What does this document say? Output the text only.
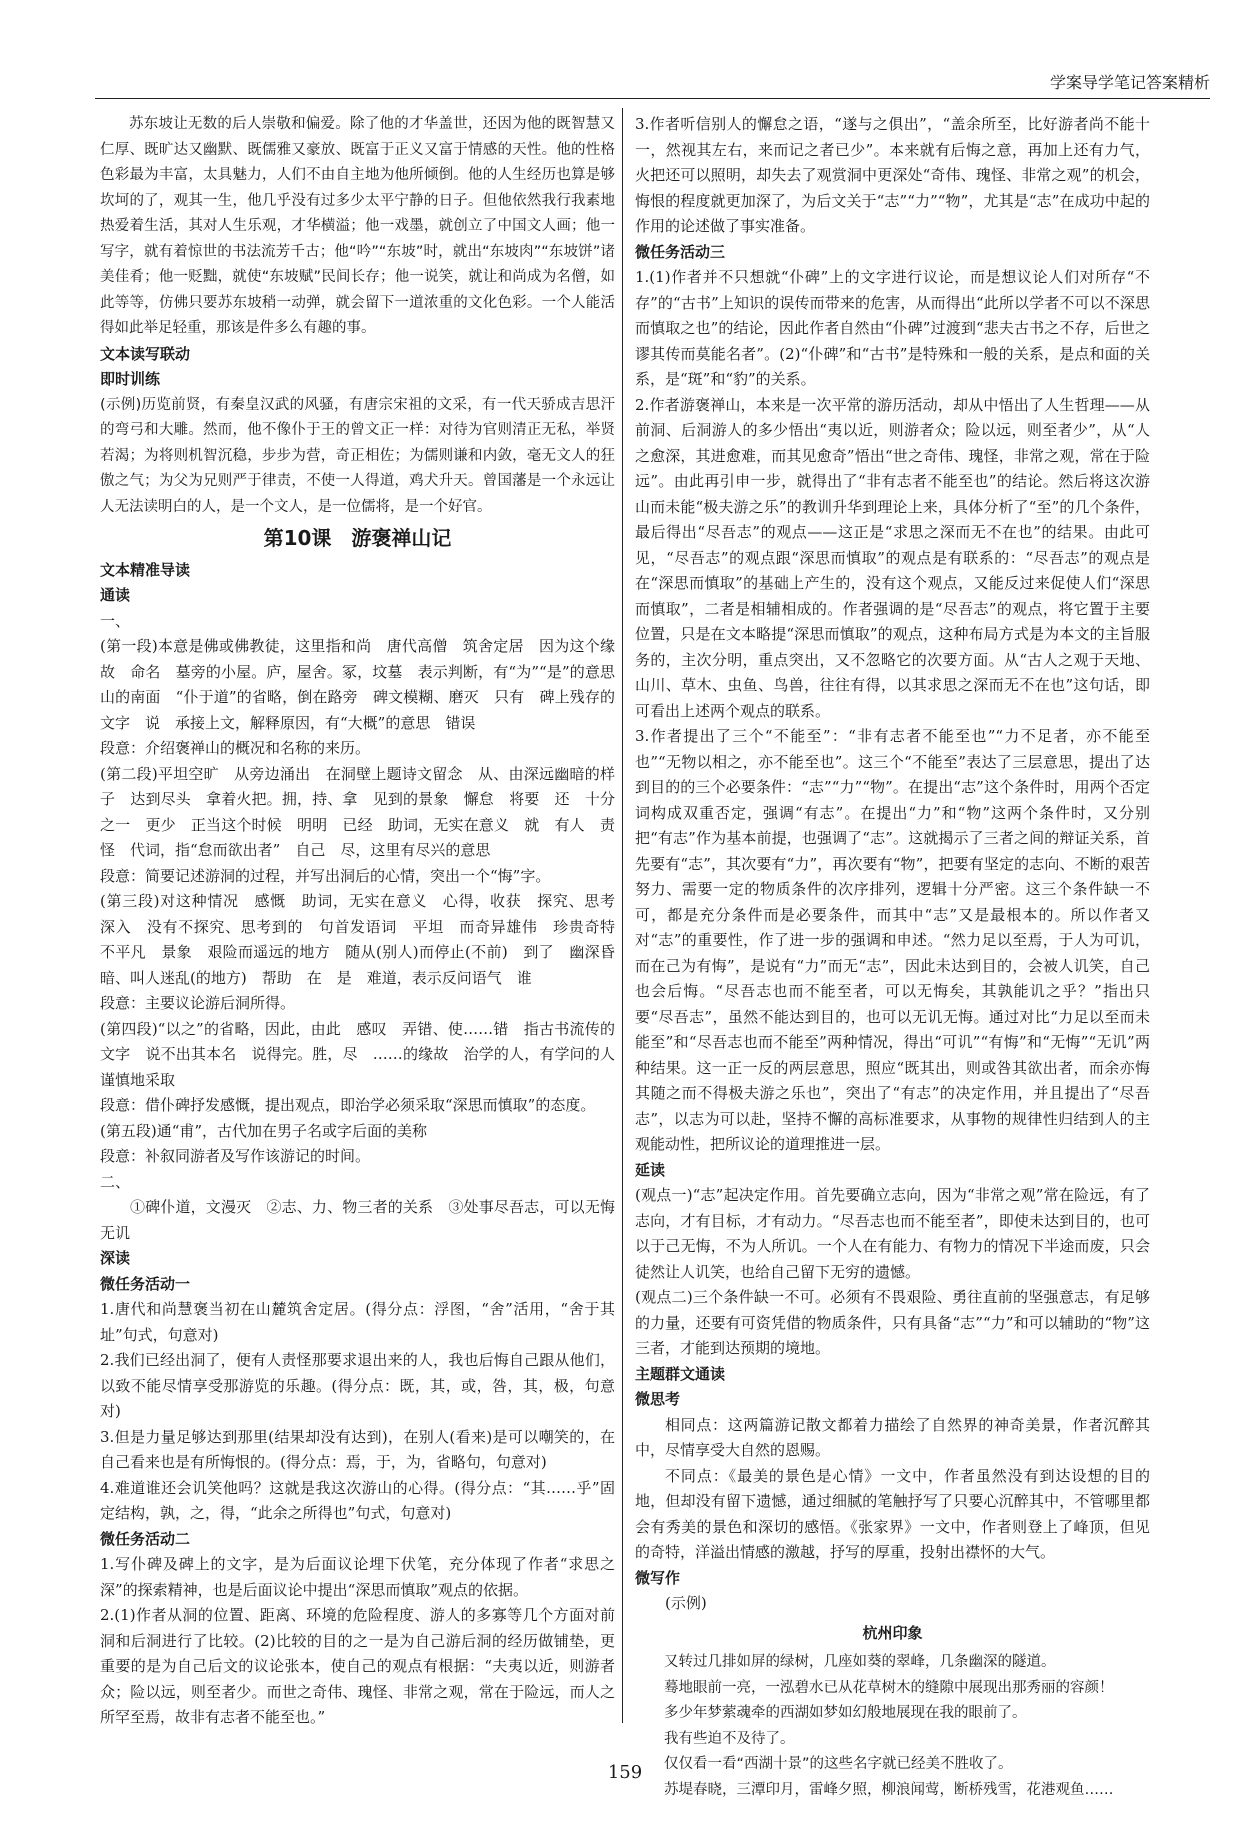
学案导学笔记答案精析

苏东坡让无数的后人崇敬和偏爱。除了他的才华盖世，还因为他的既智慧又仁厚、既旷达又幽默、既儒雅又豪放、既富于正义又富于情感的天性。他的性格色彩最为丰富，太具魅力，人们不由自主地为他所倾倒。他的人生经历也算是够坎坷的了，观其一生，他几乎没有过多少太平宁静的日子。但他依然我行我素地热爱着生活，其对人生乐观，才华横溢；他一戏墨，就创立了中国文人画；他一写字，就有着惊世的书法流芳千古；他“吟”“东坡”时，就出“东坡肉”“东坡饼”诸美佳肴；他一贬黜，就使“东坡赋”民间长存；他一说笑，就让和尚成为名僧，如此等等，仿佛只要苏东坡稍一动弹，就会留下一道浓重的文化色彩。一个人能活得如此举足轻重，那该是件多么有趣的事。

文本读写联动

即时训练

(示例)历览前贤，有秦皇汉武的风骚，有唐宗宋祖的文采，有一代天骄成吉思汗的弯弓和大雕。然而，他不像仆于王的曾文正一样：对待为官则清正无私，举贤若渴；为将则机智沉稳，步步为营，奇正相佐；为儒则谦和内敛，毫无文人的狂傲之气；为父为兄则严于律责，不使一人得道，鸡犬升天。曾国藩是一个永远让人无法读明白的人，是一个文人，是一位儒将，是一个好官。

第10课　游褒禅山记

文本精准导读

通读

一、

(第一段)本意是佛或佛教徒，这里指和尚　唐代高僧　筑舍定居　因为这个缘故　命名　墓旁的小屋。庐，屋舍。冢，坟墓　表示判断，有“为”“是”的意思　山的南面　“仆于道”的省略，倒在路旁　碑文模糊、磨灭　只有　碑上残存的文字　说　承接上文，解释原因，有“大概”的意思　错误

段意：介绍褒禅山的概况和名称的来历。

(第二段)平坦空旷　从旁边涌出　在洞壁上题诗文留念　从、由深远幽暗的样子　达到尽头　拿着火把。拥，持、拿　见到的景象　懈怠　将要　还　十分之一　更少　正当这个时候　明明　已经　助词，无实在意义　就　有人　责怪　代词，指“怠而欲出者”　自己　尽，这里有尽兴的意思

段意：简要记述游洞的过程，并写出洞后的心情，突出一个“悔”字。

(第三段)对这种情况　感慨　助词，无实在意义　心得，收获　探究、思考　深入　没有不探究、思考到的　句首发语词　平坦　而奇异雄伟　珍贵奇特　不平凡　景象　艰险而遥远的地方　随从(别人)而停止(不前)　到了　幽深昏暗、叫人迷乱(的地方)　帮助　在　是　难道，表示反问语气　谁

段意：主要议论游后洞所得。

(第四段)“以之”的省略，因此，由此　感叹　弄错、使……错　指古书流传的文字　说不出其本名　说得完。胜，尽　……的缘故　治学的人，有学问的人　谨慎地采取

段意：借仆碑抒发感慨，提出观点，即治学必须采取“深思而慎取”的态度。

(第五段)通“甫”，古代加在男子名或字后面的美称

段意：补叙同游者及写作该游记的时间。

二、

①碑仆道，文漫灭　②志、力、物三者的关系　③处事尽吾志，可以无悔无讥

深读

微任务活动一

1.唐代和尚慧褒当初在山麓筑舍定居。(得分点：浮图，“舍”活用，“舍于其址”句式，句意对)

2.我们已经出洞了，便有人责怪那要求退出来的人，我也后悔自己跟从他们，以致不能尽情享受那游览的乐趣。(得分点：既，其，或，咎，其，极，句意对)

3.但是力量足够达到那里(结果却没有达到)，在别人(看来)是可以嘲笑的，在自己看来也是有所悔恨的。(得分点：焉，于，为，省略句，句意对)

4.难道谁还会讥笑他吗？这就是我这次游山的心得。(得分点：“其……乎”固定结构，孰，之，得，“此余之所得也”句式，句意对)

微任务活动二

1.写仆碑及碑上的文字，是为后面议论埋下伏笔，充分体现了作者“求思之深”的探索精神，也是后面议论中提出“深思而慎取”观点的依据。

2.(1)作者从洞的位置、距离、环境的危险程度、游人的多寡等几个方面对前洞和后洞进行了比较。(2)比较的目的之一是为自己游后洞的经历做铺垫，更重要的是为自己后文的议论张本，使自己的观点有根据：“夫夷以近，则游者众；险以远，则至者少。而世之奇伟、瑰怪、非常之观，常在于险远，而人之所罕至焉，故非有志者不能至也。”

3.作者听信别人的懈怠之语，“遂与之俱出”，“盖余所至，比好游者尚不能十一，然视其左右，来而记之者已少”。本来就有后悔之意，再加上还有力气，火把还可以照明，却失去了观赏洞中更深处“奇伟、瑰怪、非常之观”的机会，悔恨的程度就更加深了，为后文关于“志”“力”“物”，尤其是“志”在成功中起的作用的论述做了事实准备。

微任务活动三

1.(1)作者并不只想就“仆碑”上的文字进行议论，而是想议论人们对所存“不存”的“古书”上知识的误传而带来的危害，从而得出“此所以学者不可以不深思而慎取之也”的结论，因此作者自然由“仆碑”过渡到“悲夫古书之不存，后世之谬其传而莫能名者”。(2)“仆碑”和“古书”是特殊和一般的关系，是点和面的关系，是“斑”和“豹”的关系。

2.作者游褒禅山，本来是一次平常的游历活动，却从中悟出了人生哲理——从前洞、后洞游人的多少悟出“夷以近，则游者众；险以远，则至者少”，从“人之愈深，其进愈难，而其见愈奇”悟出“世之奇伟、瑰怪，非常之观，常在于险远”。由此再引申一步，就得出了“非有志者不能至也”的结论。然后将这次游山而未能“极夫游之乐”的教训升华到理论上来，具体分析了“至”的几个条件，最后得出“尽吾志”的观点——这正是“求思之深而无不在也”的结果。由此可见，“尽吾志”的观点跟“深思而慎取”的观点是有联系的：“尽吾志”的观点是在“深思而慎取”的基础上产生的，没有这个观点，又能反过来促使人们“深思而慎取”，二者是相辅相成的。作者强调的是“尽吾志”的观点，将它置于主要位置，只是在文本略提“深思而慎取”的观点，这种布局方式是为本文的主旨服务的，主次分明，重点突出，又不忽略它的次要方面。从“古人之观于天地、山川、草木、虫鱼、鸟兽，往往有得，以其求思之深而无不在也”这句话，即可看出上述两个观点的联系。

3.作者提出了三个“不能至”：“非有志者不能至也”“力不足者，亦不能至也”“无物以相之，亦不能至也”。这三个“不能至”表达了三层意思，提出了达到目的的三个必要条件：“志”“力”“物”。在提出“志”这个条件时，用两个否定词构成双重否定，强调“有志”。在提出“力”和“物”这两个条件时，又分别把“有志”作为基本前提，也强调了“志”。这就揭示了三者之间的辩证关系，首先要有“志”，其次要有“力”，再次要有“物”，把要有坚定的志向、不断的艰苦努力、需要一定的物质条件的次序排列，逻辑十分严密。这三个条件缺一不可，都是充分条件而是必要条件，而其中“志”又是最根本的。所以作者又对“志”的重要性，作了进一步的强调和申述。“然力足以至焉，于人为可讥，而在己为有悔”，是说有“力”而无“志”，因此未达到目的，会被人讥笑，自己也会后悔。“尽吾志也而不能至者，可以无悔矣，其孰能讥之乎？”指出只要“尽吾志”，虽然不能达到目的，也可以无讥无悔。通过对比“力足以至而未能至”和“尽吾志也而不能至”两种情况，得出“可讥”“有悔”和“无悔”“无讥”两种结果。这一正一反的两层意思，照应“既其出，则或咎其欲出者，而余亦悔其随之而不得极夫游之乐也”，突出了“有志”的决定作用，并且提出了“尽吾志”，以志为可以赴，坚持不懈的高标准要求，从事物的规律性归结到人的主观能动性，把所议论的道理推进一层。

延读

(观点一)“志”起决定作用。首先要确立志向，因为“非常之观”常在险远，有了志向，才有目标，才有动力。“尽吾志也而不能至者”，即使未达到目的，也可以于己无悔，不为人所讥。一个人在有能力、有物力的情况下半途而废，只会徒然让人讥笑，也给自己留下无穷的遗憾。

(观点二)三个条件缺一不可。必须有不畏艰险、勇往直前的坚强意志，有足够的力量，还要有可资凭借的物质条件，只有具备“志”“力”和可以辅助的“物”这三者，才能到达预期的境地。

主题群文通读

微思考

相同点：这两篇游记散文都着力描绘了自然界的神奇美景，作者沉醉其中，尽情享受大自然的恩赐。

不同点：《最美的景色是心情》一文中，作者虽然没有到达设想的目的地，但却没有留下遗憾，通过细腻的笔触抒写了只要心沉醉其中，不管哪里都会有秀美的景色和深切的感悟。《张家界》一文中，作者则登上了峰顶，但见的奇特，洋溢出情感的激越，抒写的厚重，投射出襟怀的大气。

微写作

(示例)

杭州印象

又转过几排如屏的绿树，几座如葵的翠峰，几条幽深的隧道。

蓦地眼前一亮，一泓碧水已从花草树木的缝隙中展现出那秀丽的容颜！

多少年梦萦魂牵的西湖如梦如幻般地展现在我的眼前了。

我有些迫不及待了。

仅仅看一看“西湖十景”的这些名字就已经美不胜收了。

苏堤春晓，三潭印月，雷峰夕照，柳浪闻莺，断桥残雪，花港观鱼……

159
